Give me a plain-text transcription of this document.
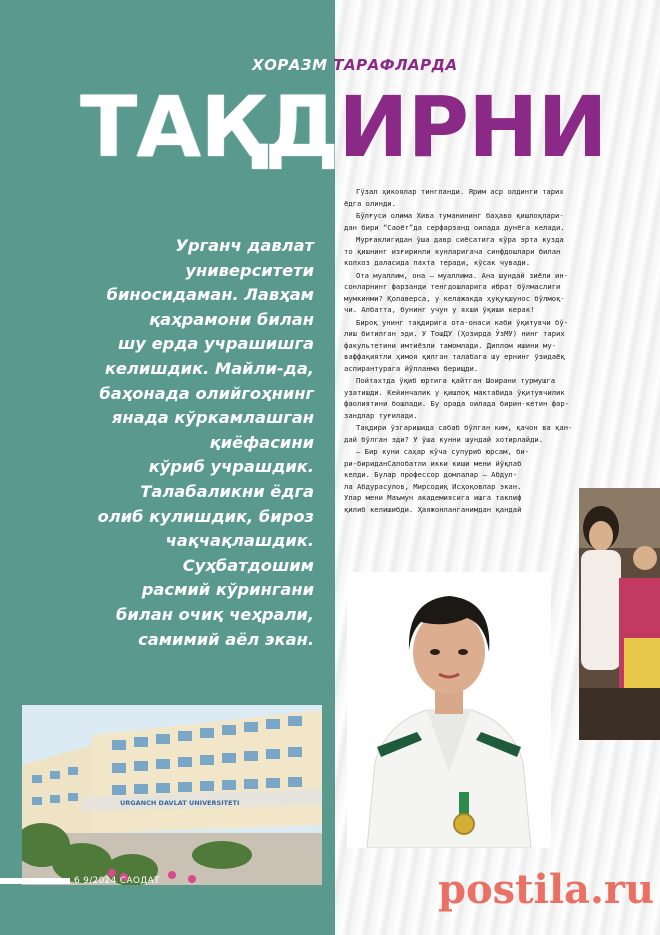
ХОРАЗМ ТАРАФЛАРДА
ТАҚДИРНИ
Урганч давлат
университети
биносидаман. Лавҳам
қаҳрамони билан
шу ерда учрашишга
келишдик. Майли-да,
баҳонада олийгоҳнинг
янада кўркамлашган
қиёфасини
кўриб учрашдик.
Талабаликни ёдга
олиб кулишдик, бироз
чақчақлашдик.
Суҳбатдошим
расмий кўрингани
билан очиқ чеҳрали,
самимий аёл экан.

Гўзал ҳикоялар тингланди. Ярим аср олдинги тарих
ёдга олинди.

Бўлғуси олима Хива туманининг баҳаво қишлоқлари-
дан бири “Саоёт”да серфарзанд оилада дунёга келади.

Мурғаклигидан ўша давр сиёсатига кўра эрта кузда
то қишнинг изғиринли кунларигача синфдошлари билан
колхоз даласида пахта теради, кўсак чувади.

Ота муаллим, она – муаллима. Ана шундай зиёли ин-
сонларнинг фарзанди тенгдошларига ибрат бўлмаслиги
мумкинми? Қолаверса, у келажакда ҳуқуқшунос бўлмоқ-
чи. Албатта, бунинг учун у яхши ўқиши керак!

Бироқ унинг тақдирига ота-онаси каби ўқитувчи бў-
лиш битилган эди. У ТошДУ (Ҳозирда ЎзМУ) нинг тарих
факультетини имтиёзли тамомлади. Диплом ишини му-
ваффақиятли ҳимоя қилган талабага шу ернинг ўзидаёқ
аспирантурага йўлланма берищди.

Пойтахтда ўқиб юртига қайтган Шоирани турмушга
узатишди. Кейинчалик у қишлоқ мактабида ўқитувчилик
фаолиятини бошлади. Бу орада оилада бирин-кетин фар-
зандлар туғилади.

Тақдири ўзгаришида сабаб бўлган ким, қачон ва қан-
дай бўлган эди? У ўша кунни шундай хотирлайди.

– Бир куни саҳар кўча супуриб юрсам, би-
ри-бириданСалобатли икки киши мени йўқлаб
келди. Булар профессор домлалар – Абдул-
ла Абдурасулов, Мирсодиқ Исҳоқовлар экан.
Улар мени Маъмун академиясига ишга таклиф
қилиб келишибди. Ҳаяжонланганимдан қандай

URGANCH DAVLAT UNIVERSITETI
6 9/2024 САОДАТ	postila.ru
